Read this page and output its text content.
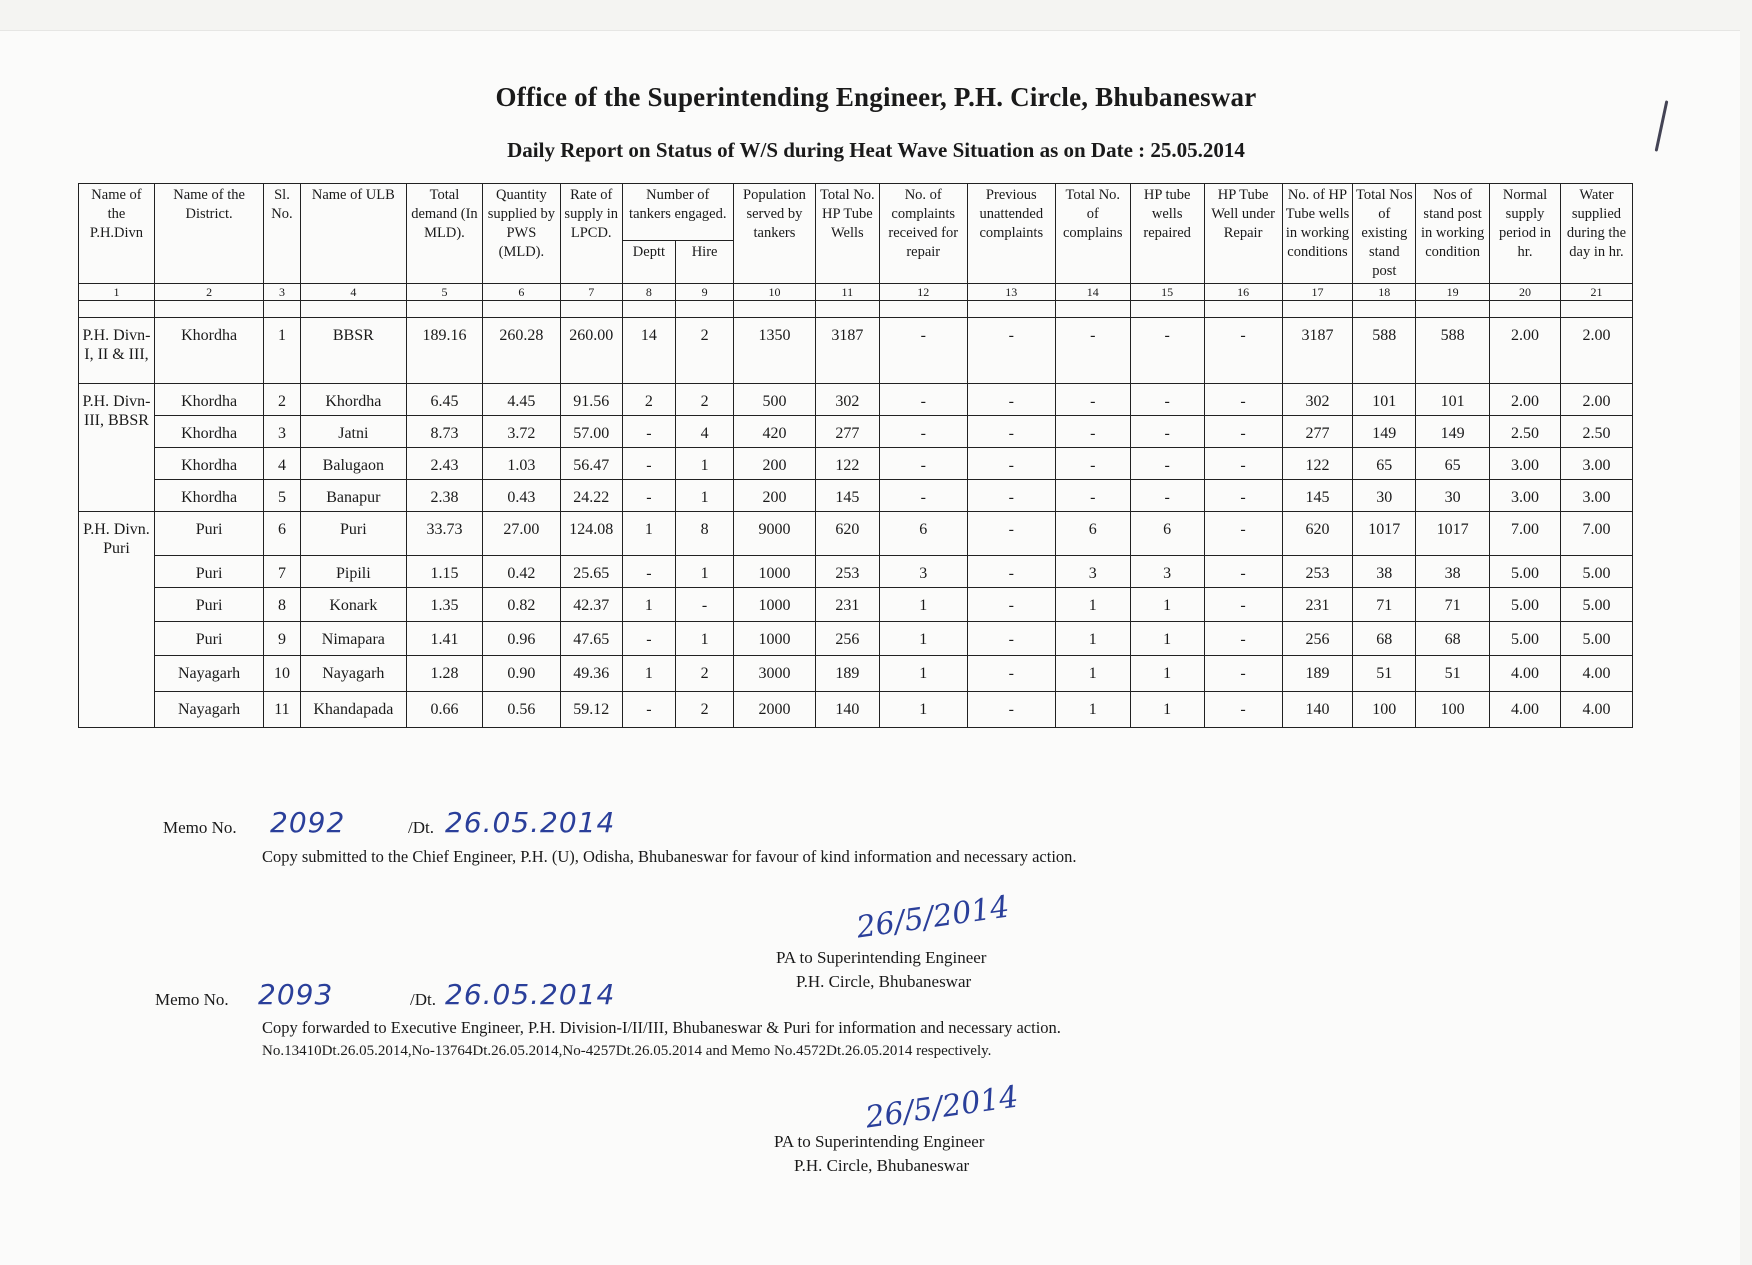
Office of the Superintending Engineer, P.H. Circle, Bhubaneswar
Daily Report on Status of W/S during Heat Wave Situation as on Date : 25.05.2014
Name of the P.H.Divn	Name of the District.	Sl. No.	Name of ULB	Total demand (In MLD).	Quantity supplied by PWS (MLD).	Rate of supply in LPCD.	Number of tankers engaged.		Population served by tankers	Total No. HP Tube Wells	No. of complaints received for repair	Previous unattended complaints	Total No. of complains	HP tube wells repaired	HP Tube Well under Repair	No. of HP Tube wells in working conditions	Total Nos of existing stand post	Nos of stand post in working condition	Normal supply period in hr.	Water supplied during the day in hr.
							Deptt	Hire												
1	2	3	4	5	6	7	8	9	10	11	12	13	14	15	16	17	18	19	20	21

P.H. Divn-I, II & III,	Khordha	1	BBSR	189.16	260.28	260.00	14	2	1350	3187	-	-	-	-	-	3187	588	588	2.00	2.00
P.H. Divn-III, BBSR	Khordha	2	Khordha	6.45	4.45	91.56	2	2	500	302	-	-	-	-	-	302	101	101	2.00	2.00
	Khordha	3	Jatni	8.73	3.72	57.00	-	4	420	277	-	-	-	-	-	277	149	149	2.50	2.50
	Khordha	4	Balugaon	2.43	1.03	56.47	-	1	200	122	-	-	-	-	-	122	65	65	3.00	3.00
	Khordha	5	Banapur	2.38	0.43	24.22	-	1	200	145	-	-	-	-	-	145	30	30	3.00	3.00
P.H. Divn. Puri	Puri	6	Puri	33.73	27.00	124.08	1	8	9000	620	6	-	6	6	-	620	1017	1017	7.00	7.00
	Puri	7	Pipili	1.15	0.42	25.65	-	1	1000	253	3	-	3	3	-	253	38	38	5.00	5.00
	Puri	8	Konark	1.35	0.82	42.37	1	-	1000	231	1	-	1	1	-	231	71	71	5.00	5.00
	Puri	9	Nimapara	1.41	0.96	47.65	-	1	1000	256	1	-	1	1	-	256	68	68	5.00	5.00
	Nayagarh	10	Nayagarh	1.28	0.90	49.36	1	2	3000	189	1	-	1	1	-	189	51	51	4.00	4.00
	Nayagarh	11	Khandapada	0.66	0.56	59.12	-	2	2000	140	1	-	1	1	-	140	100	100	4.00	4.00
Memo No. 2092	/Dt. 26.05.2014
Copy submitted to the Chief Engineer, P.H. (U), Odisha, Bhubaneswar for favour of kind information and necessary action.
26/5/2014
PA to Superintending Engineer
P.H. Circle, Bhubaneswar
Memo No. 2093	/Dt. 26.05.2014
Copy forwarded to Executive Engineer, P.H. Division-I/II/III, Bhubaneswar & Puri for information and necessary action.
No.13410Dt.26.05.2014,No-13764Dt.26.05.2014,No-4257Dt.26.05.2014 and Memo No.4572Dt.26.05.2014 respectively.
26/5/2014
PA to Superintending Engineer
P.H. Circle, Bhubaneswar
